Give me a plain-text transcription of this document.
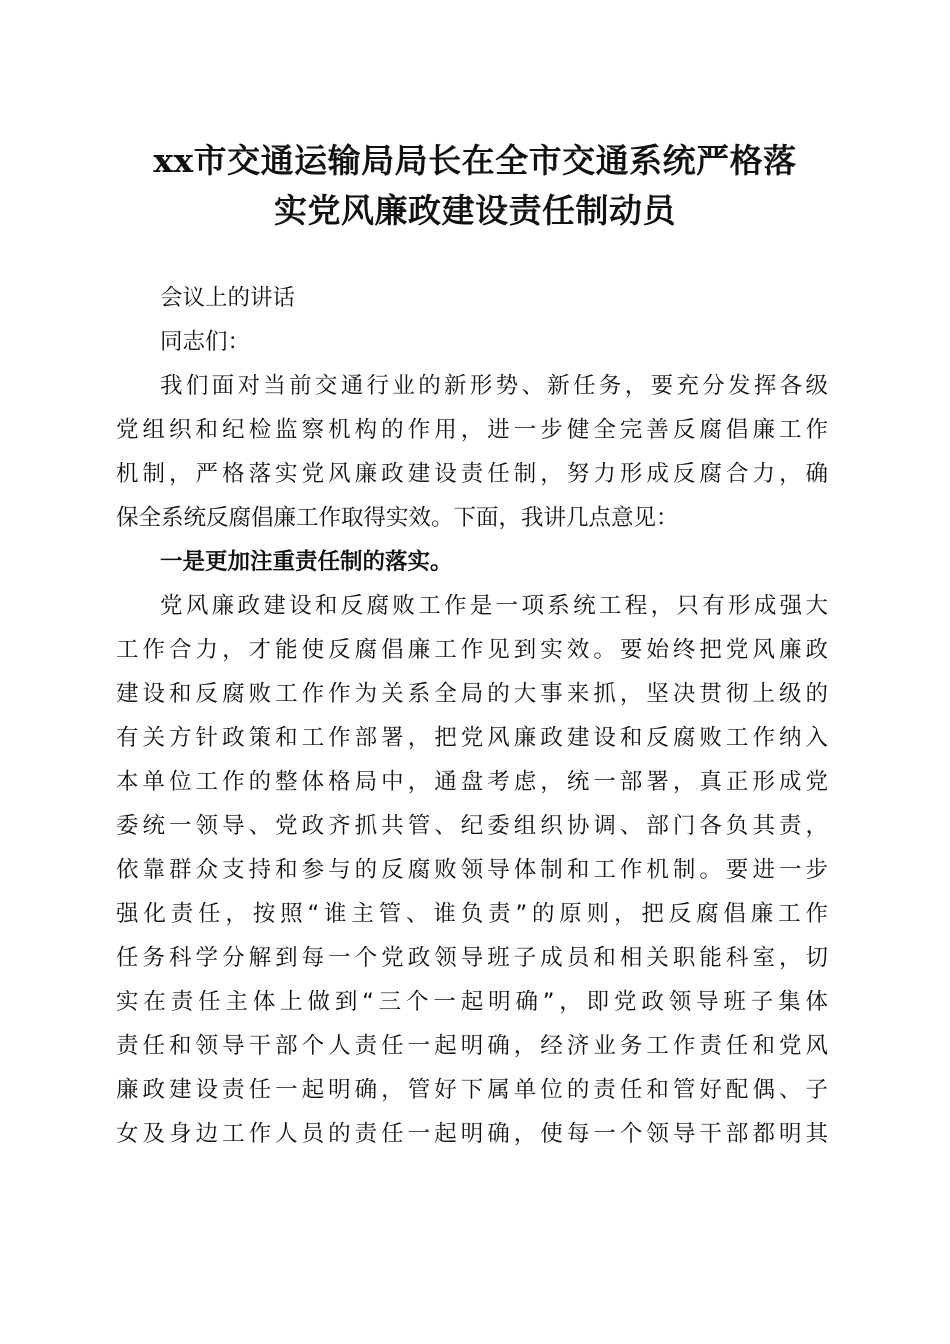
xx市交通运输局局长在全市交通系统严格落
实党风廉政建设责任制动员
会议上的讲话
同志们：
我们面对当前交通行业的新形势、新任务，要充分发挥各级
党组织和纪检监察机构的作用，进一步健全完善反腐倡廉工作
机制，严格落实党风廉政建设责任制，努力形成反腐合力，确
保全系统反腐倡廉工作取得实效。下面，我讲几点意见：
一是更加注重责任制的落实。
党风廉政建设和反腐败工作是一项系统工程，只有形成强大
工作合力，才能使反腐倡廉工作见到实效。要始终把党风廉政
建设和反腐败工作作为关系全局的大事来抓，坚决贯彻上级的
有关方针政策和工作部署，把党风廉政建设和反腐败工作纳入
本单位工作的整体格局中，通盘考虑，统一部署，真正形成党
委统一领导、党政齐抓共管、纪委组织协调、部门各负其责，
依靠群众支持和参与的反腐败领导体制和工作机制。要进一步
强化责任，按照“谁主管、谁负责”的原则，把反腐倡廉工作
任务科学分解到每一个党政领导班子成员和相关职能科室，切
实在责任主体上做到“三个一起明确”，即党政领导班子集体
责任和领导干部个人责任一起明确，经济业务工作责任和党风
廉政建设责任一起明确，管好下属单位的责任和管好配偶、子
女及身边工作人员的责任一起明确，使每一个领导干部都明其
